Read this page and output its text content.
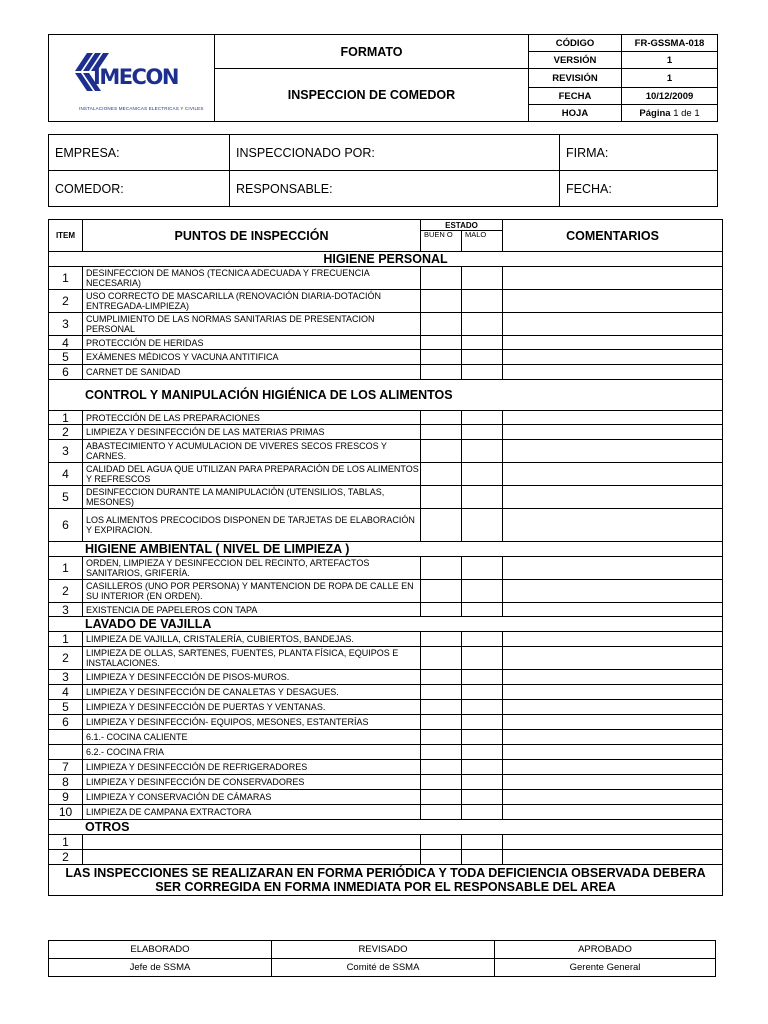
IMECON
INSTALACIONES MECANICAS ELECTRICAS Y CIVILES	FORMATO	CÓDIGO	FR-GSSMA-018
		VERSIÓN	1
	INSPECCION DE COMEDOR	REVISIÓN	1
		FECHA	10/12/2009
		HOJA	Página 1 de 1
EMPRESA:	INSPECCIONADO POR:	FIRMA:
COMEDOR:	RESPONSABLE:	FECHA:
ITEM	PUNTOS DE INSPECCIÓN	ESTADO		COMENTARIOS
		BUEN O	MALO	
HIGIENE PERSONAL				
1	DESINFECCION DE MANOS (TECNICA ADECUADA Y FRECUENCIA NECESARIA)			
2	USO CORRECTO DE MASCARILLA (RENOVACIÓN DIARIA-DOTACIÓN ENTREGADA-LIMPIEZA)			
3	CUMPLIMIENTO DE LAS NORMAS SANITARIAS DE PRESENTACION PERSONAL			
4	PROTECCIÓN DE HERIDAS			
5	EXÁMENES MÉDICOS Y VACUNA ANTITIFICA			
6	CARNET DE SANIDAD			
CONTROL Y MANIPULACIÓN HIGIÉNICA DE LOS ALIMENTOS				
1	PROTECCIÓN DE LAS PREPARACIONES			
2	LIMPIEZA Y DESINFECCIÓN DE LAS MATERIAS PRIMAS			
3	ABASTECIMIENTO Y ACUMULACION DE VIVERES SECOS FRESCOS Y CARNES.			
4	CALIDAD DEL AGUA QUE UTILIZAN PARA PREPARACIÓN DE LOS ALIMENTOS Y REFRESCOS			
5	DESINFECCION DURANTE LA MANIPULACIÓN (UTENSILIOS, TABLAS, MESONES)			
6	LOS ALIMENTOS PRECOCIDOS DISPONEN DE TARJETAS DE ELABORACIÓN Y EXPIRACION.			
HIGIENE AMBIENTAL ( NIVEL DE LIMPIEZA )				
1	ORDEN, LIMPIEZA Y DESINFECCION DEL RECINTO, ARTEFACTOS SANITARIOS, GRIFERÍA.			
2	CASILLEROS (UNO POR PERSONA) Y MANTENCION DE ROPA DE CALLE EN SU INTERIOR (EN ORDEN).			
3	EXISTENCIA DE PAPELEROS CON TAPA			
LAVADO DE VAJILLA				
1	LIMPIEZA DE VAJILLA, CRISTALERÍA, CUBIERTOS, BANDEJAS.			
2	LIMPIEZA DE OLLAS, SARTENES, FUENTES, PLANTA FÍSICA, EQUIPOS E INSTALACIONES.			
3	LIMPIEZA Y DESINFECCIÓN DE PISOS-MUROS.			
4	LIMPIEZA Y DESINFECCIÓN DE CANALETAS Y DESAGUES.			
5	LIMPIEZA Y DESINFECCIÓN DE PUERTAS Y VENTANAS.			
6	LIMPIEZA Y DESINFECCIÓN- EQUIPOS, MESONES, ESTANTERÍAS			
	6.1.- COCINA CALIENTE			
	6.2.- COCINA FRIA			
7	LIMPIEZA Y DESINFECCIÓN DE REFRIGERADORES			
8	LIMPIEZA Y DESINFECCIÓN DE CONSERVADORES			
9	LIMPIEZA Y CONSERVACIÓN DE CÁMARAS			
10	LIMPIEZA DE CAMPANA EXTRACTORA			
OTROS				
1				
2				
LAS INSPECCIONES SE REALIZARAN EN FORMA PERIÓDICA Y TODA DEFICIENCIA OBSERVADA DEBERA SER CORREGIDA EN FORMA INMEDIATA POR EL RESPONSABLE DEL AREA				
ELABORADO	REVISADO	APROBADO
Jefe de SSMA	Comité de SSMA	Gerente General
